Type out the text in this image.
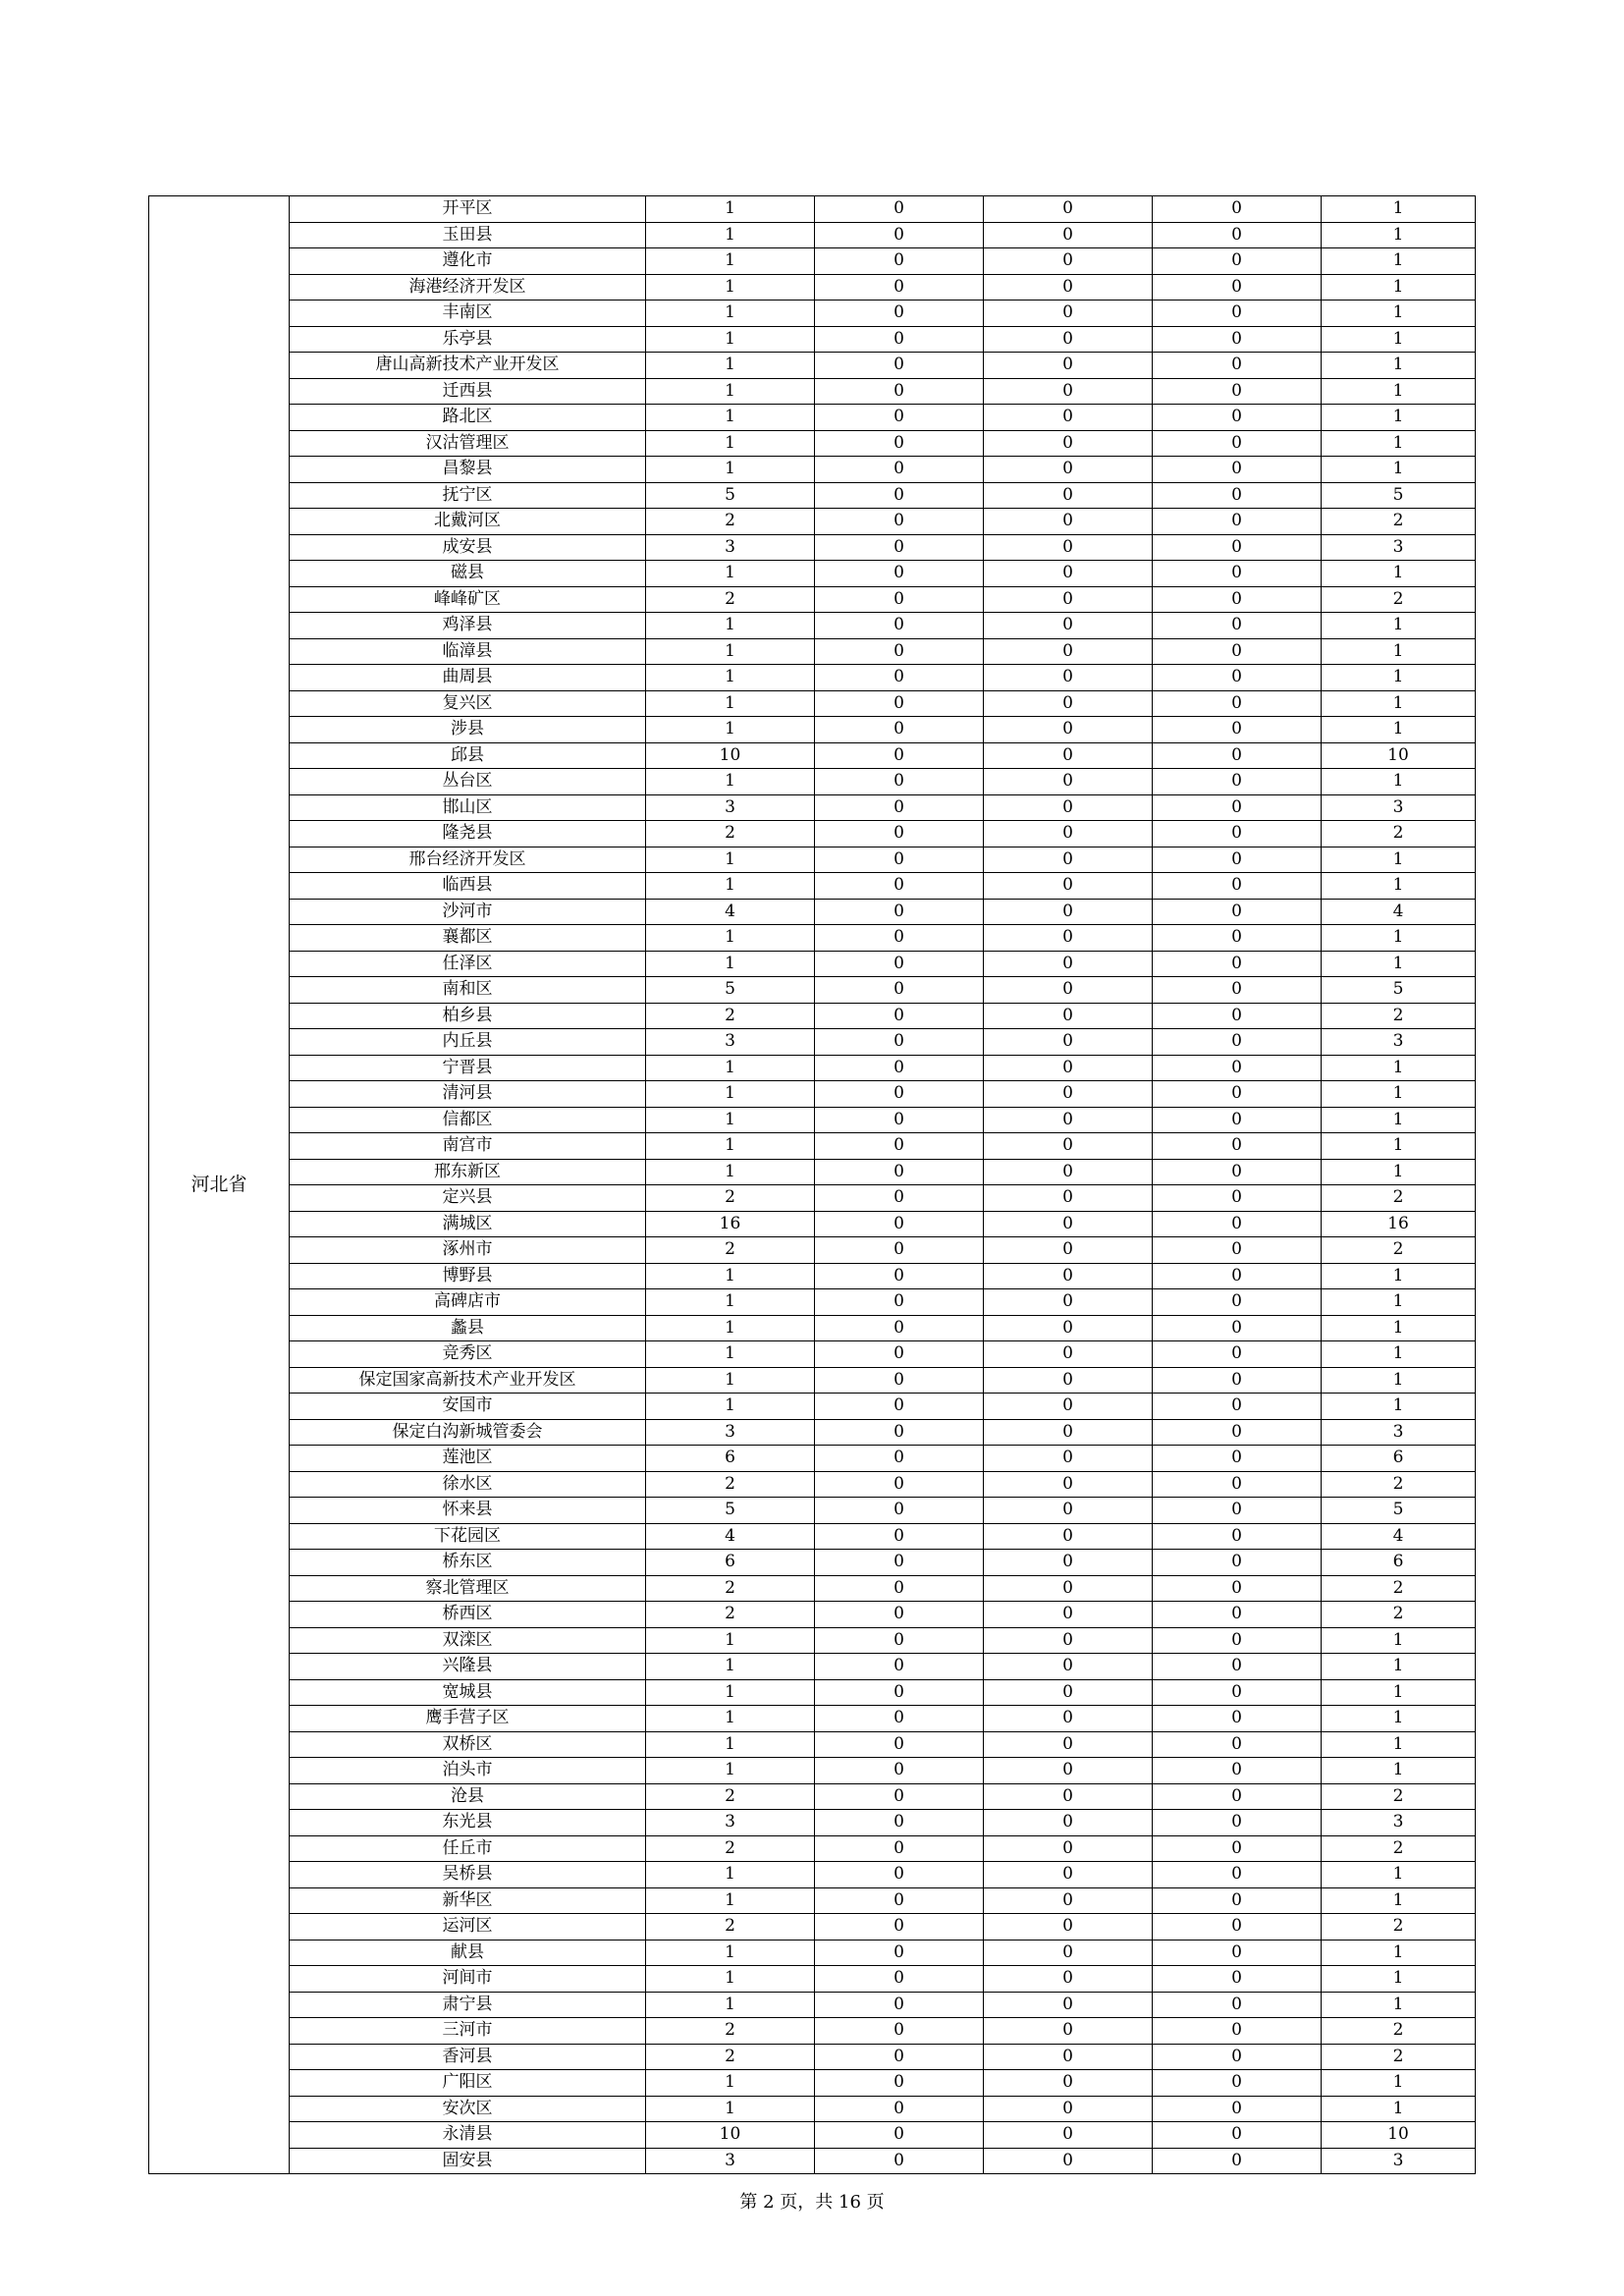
河北省	开平区	1	0	0	0	1
	玉田县	1	0	0	0	1
	遵化市	1	0	0	0	1
	海港经济开发区	1	0	0	0	1
	丰南区	1	0	0	0	1
	乐亭县	1	0	0	0	1
	唐山高新技术产业开发区	1	0	0	0	1
	迁西县	1	0	0	0	1
	路北区	1	0	0	0	1
	汉沽管理区	1	0	0	0	1
	昌黎县	1	0	0	0	1
	抚宁区	5	0	0	0	5
	北戴河区	2	0	0	0	2
	成安县	3	0	0	0	3
	磁县	1	0	0	0	1
	峰峰矿区	2	0	0	0	2
	鸡泽县	1	0	0	0	1
	临漳县	1	0	0	0	1
	曲周县	1	0	0	0	1
	复兴区	1	0	0	0	1
	涉县	1	0	0	0	1
	邱县	10	0	0	0	10
	丛台区	1	0	0	0	1
	邯山区	3	0	0	0	3
	隆尧县	2	0	0	0	2
	邢台经济开发区	1	0	0	0	1
	临西县	1	0	0	0	1
	沙河市	4	0	0	0	4
	襄都区	1	0	0	0	1
	任泽区	1	0	0	0	1
	南和区	5	0	0	0	5
	柏乡县	2	0	0	0	2
	内丘县	3	0	0	0	3
	宁晋县	1	0	0	0	1
	清河县	1	0	0	0	1
	信都区	1	0	0	0	1
	南宫市	1	0	0	0	1
	邢东新区	1	0	0	0	1
	定兴县	2	0	0	0	2
	满城区	16	0	0	0	16
	涿州市	2	0	0	0	2
	博野县	1	0	0	0	1
	高碑店市	1	0	0	0	1
	蠡县	1	0	0	0	1
	竞秀区	1	0	0	0	1
	保定国家高新技术产业开发区	1	0	0	0	1
	安国市	1	0	0	0	1
	保定白沟新城管委会	3	0	0	0	3
	莲池区	6	0	0	0	6
	徐水区	2	0	0	0	2
	怀来县	5	0	0	0	5
	下花园区	4	0	0	0	4
	桥东区	6	0	0	0	6
	察北管理区	2	0	0	0	2
	桥西区	2	0	0	0	2
	双滦区	1	0	0	0	1
	兴隆县	1	0	0	0	1
	宽城县	1	0	0	0	1
	鹰手营子区	1	0	0	0	1
	双桥区	1	0	0	0	1
	泊头市	1	0	0	0	1
	沧县	2	0	0	0	2
	东光县	3	0	0	0	3
	任丘市	2	0	0	0	2
	吴桥县	1	0	0	0	1
	新华区	1	0	0	0	1
	运河区	2	0	0	0	2
	献县	1	0	0	0	1
	河间市	1	0	0	0	1
	肃宁县	1	0	0	0	1
	三河市	2	0	0	0	2
	香河县	2	0	0	0	2
	广阳区	1	0	0	0	1
	安次区	1	0	0	0	1
	永清县	10	0	0	0	10
	固安县	3	0	0	0	3
第 2 页，共 16 页
